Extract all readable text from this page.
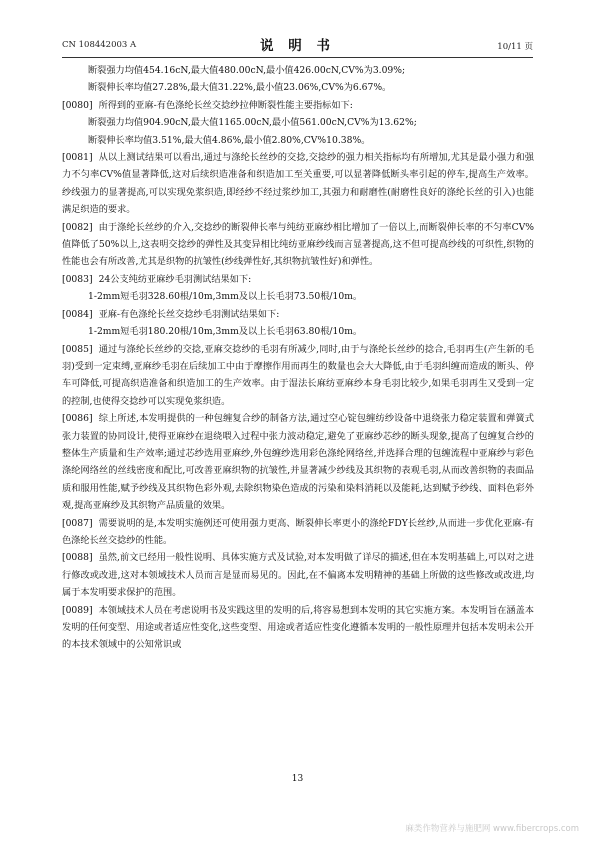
CN 108442003 A	说 明 书	10/11 页
断裂强力均值454.16cN,最大值480.00cN,最小值426.00cN,CV%为3.09%;
断裂伸长率均值27.28%,最大值31.22%,最小值23.06%,CV%为6.67%。
[0080] 所得到的亚麻-有色涤纶长丝交捻纱拉伸断裂性能主要指标如下:
断裂强力均值904.90cN,最大值1165.00cN,最小值561.00cN,CV%为13.62%;
断裂伸长率均值3.51%,最大值4.86%,最小值2.80%,CV%10.38%。
[0081] 从以上测试结果可以看出,通过与涤纶长丝纱的交捻,交捻纱的强力相关指标均有所增加,尤其是最小强力和强力不匀率CV%值显著降低,这对后续织造准备和织造加工至关重要,可以显著降低断头率引起的停车,提高生产效率。纱线强力的显著提高,可以实现免浆织造,即经纱不经过浆纱加工,其强力和耐磨性(耐磨性良好的涤纶长丝的引入)也能满足织造的要求。
[0082] 由于涤纶长丝纱的介入,交捻纱的断裂伸长率与纯纺亚麻纱相比增加了一倍以上,而断裂伸长率的不匀率CV%值降低了50%以上,这表明交捻纱的弹性及其变异相比纯纺亚麻纱线而言显著提高,这不但可提高纱线的可织性,织物的性能也会有所改善,尤其是织物的抗皱性(纱线弹性好,其织物抗皱性好)和弹性。
[0083] 24公支纯纺亚麻纱毛羽测试结果如下:
1-2mm短毛羽328.60根/10m,3mm及以上长毛羽73.50根/10m。
[0084] 亚麻-有色涤纶长丝交捻纱毛羽测试结果如下:
1-2mm短毛羽180.20根/10m,3mm及以上长毛羽63.80根/10m。
[0085] 通过与涤纶长丝纱的交捻,亚麻交捻纱的毛羽有所减少,同时,由于与涤纶长丝纱的捻合,毛羽再生(产生新的毛羽)受到一定束缚,亚麻纱毛羽在后续加工中由于摩擦作用而再生的数量也会大大降低,由于毛羽纠缠而造成的断头、停车可降低,可提高织造准备和织造加工的生产效率。由于湿法长麻纺亚麻纱本身毛羽比较少,如果毛羽再生又受到一定的控制,也使得交捻纱可以实现免浆织造。
[0086] 综上所述,本发明提供的一种包缠复合纱的制备方法,通过空心锭包缠纺纱设备中退绕张力稳定装置和弹簧式张力装置的协同设计,使得亚麻纱在退绕喂入过程中张力波动稳定,避免了亚麻纱芯纱的断头现象,提高了包缠复合纱的整体生产质量和生产效率;通过芯纱选用亚麻纱,外包缠纱选用彩色涤纶网络丝,并选择合理的包缠流程中亚麻纱与彩色涤纶网络丝的丝线密度和配比,可改善亚麻织物的抗皱性,并显著减少纱线及其织物的表观毛羽,从而改善织物的表面品质和服用性能,赋予纱线及其织物色彩外观,去除织物染色造成的污染和染料消耗以及能耗,达到赋予纱线、面料色彩外观,提高亚麻纱及其织物产品质量的效果。
[0087] 需要说明的是,本发明实施例还可使用强力更高、断裂伸长率更小的涤纶FDY长丝纱,从而进一步优化亚麻-有色涤纶长丝交捻纱的性能。
[0088] 虽然,前文已经用一般性说明、具体实施方式及试验,对本发明做了详尽的描述,但在本发明基础上,可以对之进行修改或改进,这对本领域技术人员而言是显而易见的。因此,在不偏离本发明精神的基础上所做的这些修改或改进,均属于本发明要求保护的范围。
[0089] 本领域技术人员在考虑说明书及实践这里的发明的后,将容易想到本发明的其它实施方案。本发明旨在涵盖本发明的任何变型、用途或者适应性变化,这些变型、用途或者适应性变化遵循本发明的一般性原理并包括本发明未公开的本技术领域中的公知常识或
13
麻类作物营养与施肥网 www.fibercrops.com
